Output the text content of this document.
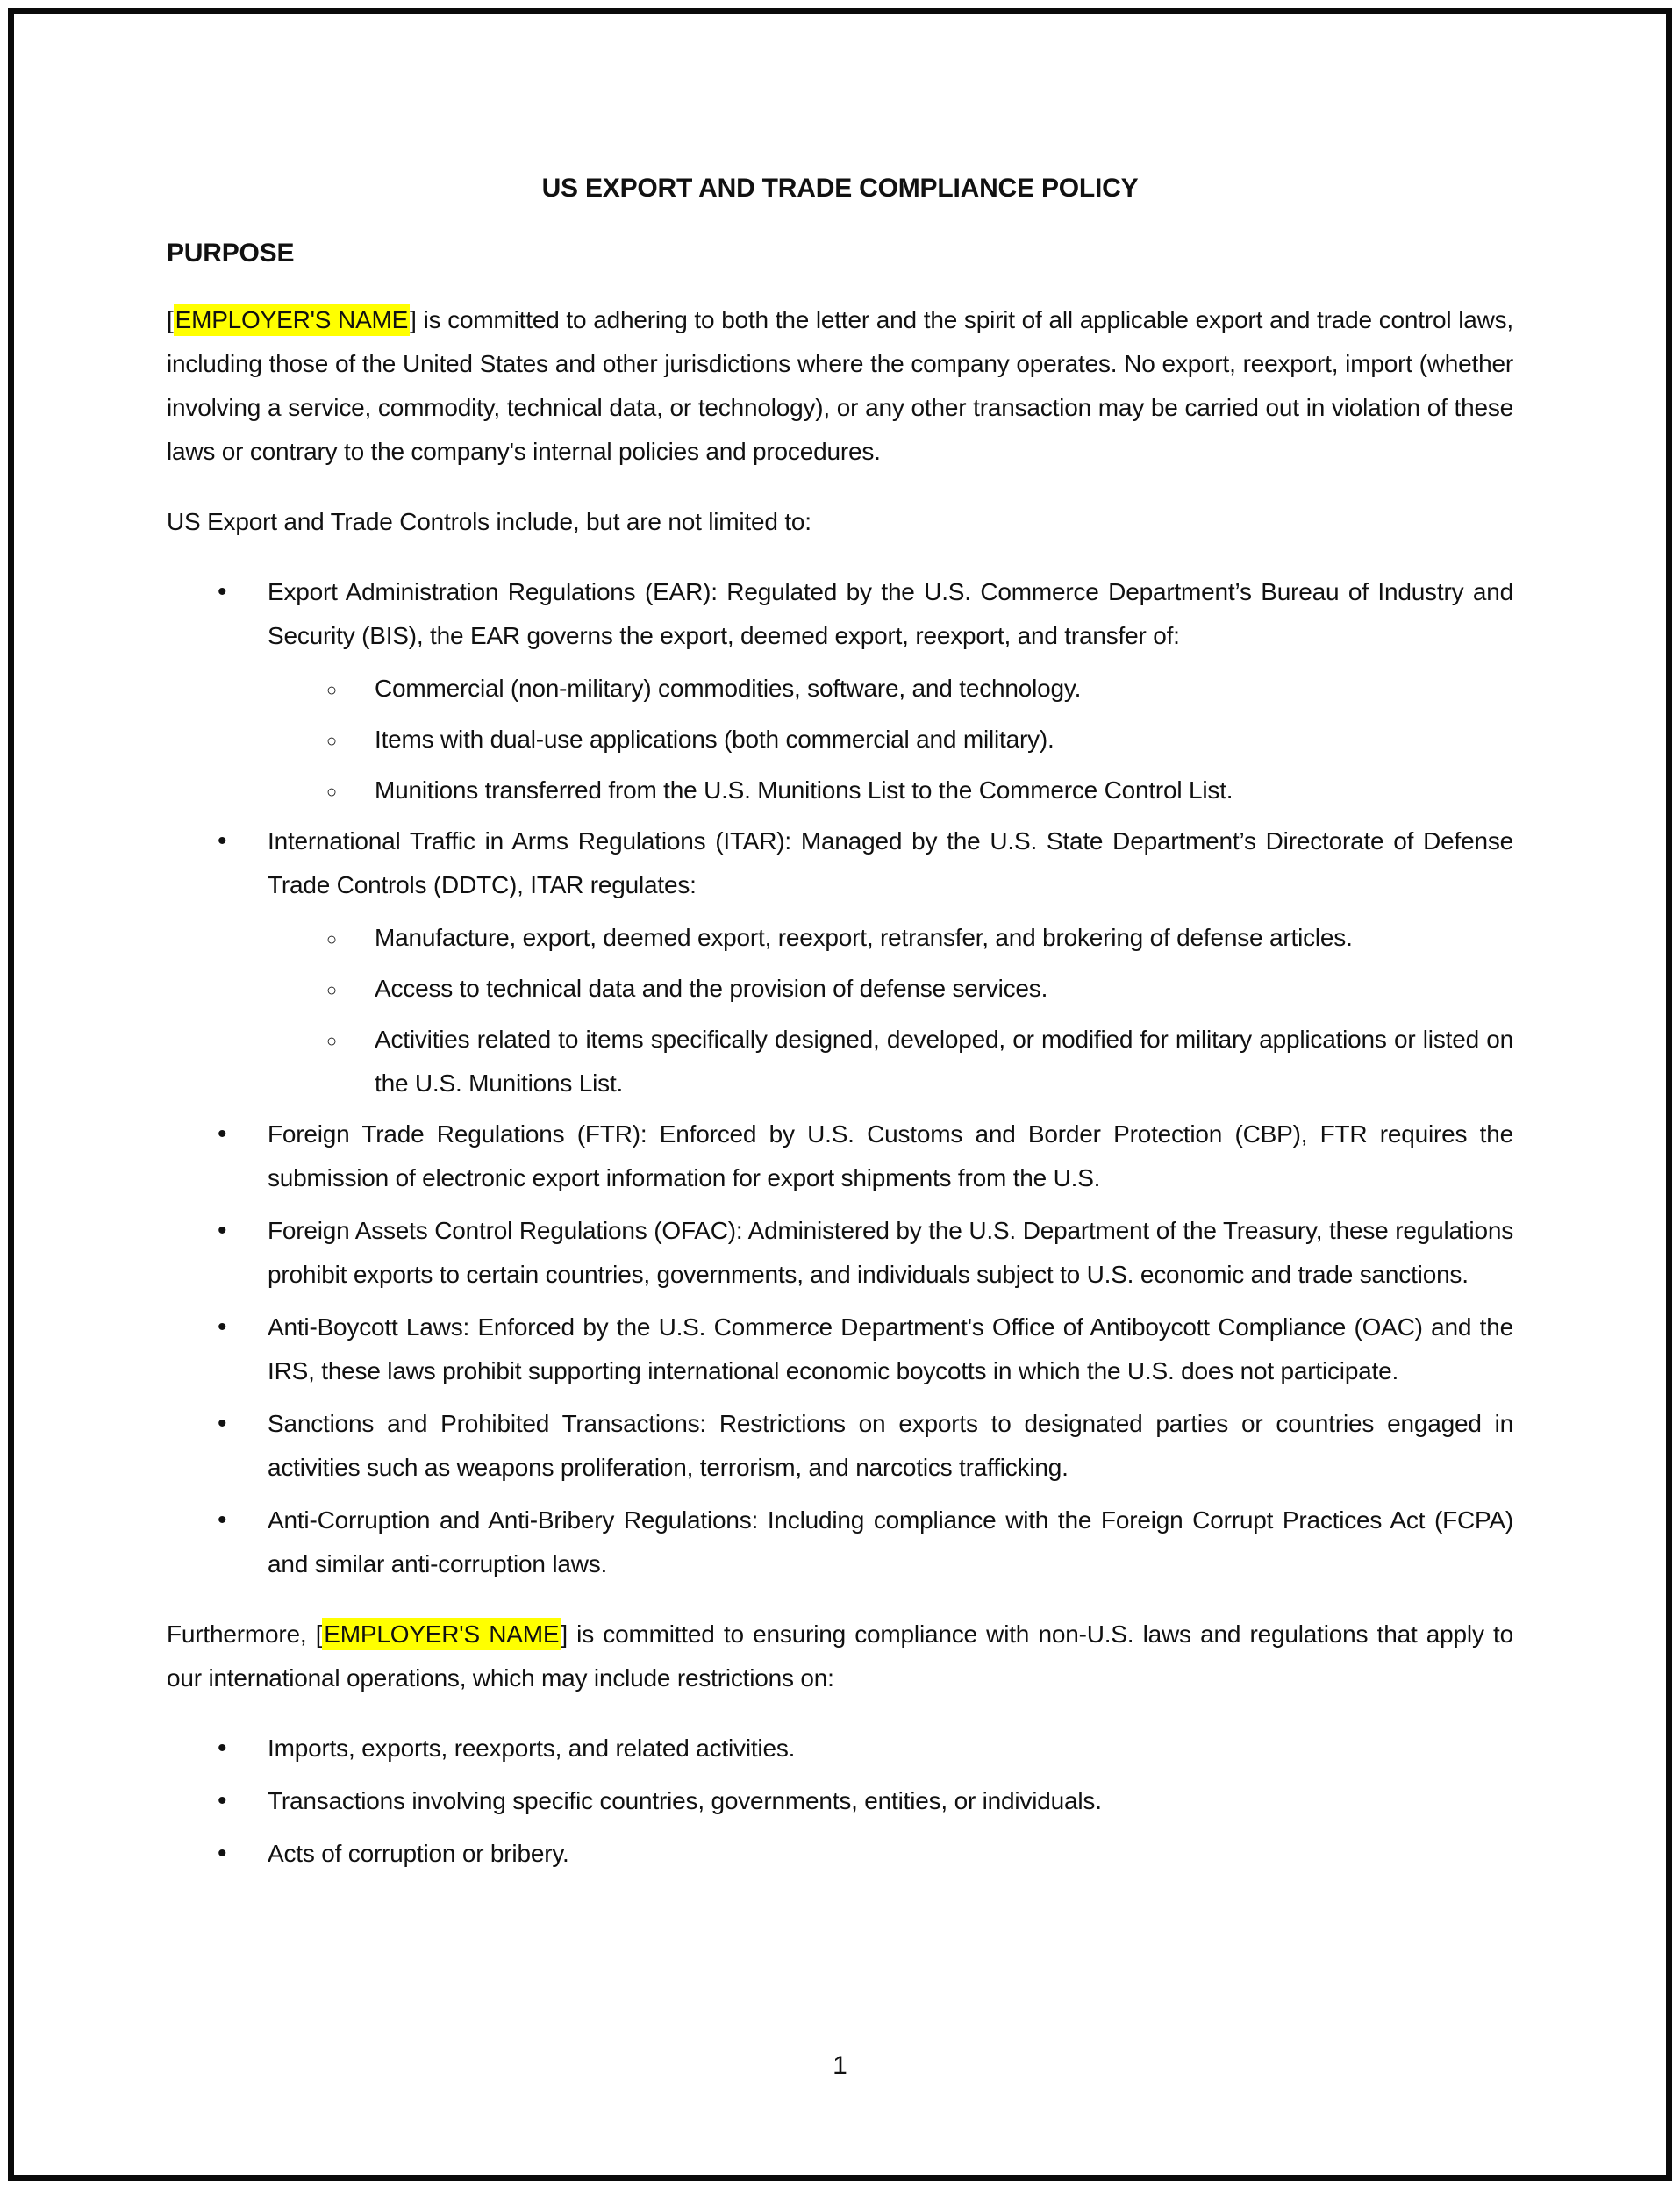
US EXPORT AND TRADE COMPLIANCE POLICY
PURPOSE

[EMPLOYER'S NAME] is committed to adhering to both the letter and the spirit of all applicable export and trade control laws, including those of the United States and other jurisdictions where the company operates. No export, reexport, import (whether involving a service, commodity, technical data, or technology), or any other transaction may be carried out in violation of these laws or contrary to the company's internal policies and procedures.

US Export and Trade Controls include, but are not limited to:

• Export Administration Regulations (EAR): Regulated by the U.S. Commerce Department’s Bureau of Industry and Security (BIS), the EAR governs the export, deemed export, reexport, and transfer of:
○ Commercial (non-military) commodities, software, and technology.
○ Items with dual-use applications (both commercial and military).
○ Munitions transferred from the U.S. Munitions List to the Commerce Control List.
• International Traffic in Arms Regulations (ITAR): Managed by the U.S. State Department’s Directorate of Defense Trade Controls (DDTC), ITAR regulates:
○ Manufacture, export, deemed export, reexport, retransfer, and brokering of defense articles.
○ Access to technical data and the provision of defense services.
○ Activities related to items specifically designed, developed, or modified for military applications or listed on the U.S. Munitions List.
• Foreign Trade Regulations (FTR): Enforced by U.S. Customs and Border Protection (CBP), FTR requires the submission of electronic export information for export shipments from the U.S.
• Foreign Assets Control Regulations (OFAC): Administered by the U.S. Department of the Treasury, these regulations prohibit exports to certain countries, governments, and individuals subject to U.S. economic and trade sanctions.
• Anti-Boycott Laws: Enforced by the U.S. Commerce Department's Office of Antiboycott Compliance (OAC) and the IRS, these laws prohibit supporting international economic boycotts in which the U.S. does not participate.
• Sanctions and Prohibited Transactions: Restrictions on exports to designated parties or countries engaged in activities such as weapons proliferation, terrorism, and narcotics trafficking.
• Anti-Corruption and Anti-Bribery Regulations: Including compliance with the Foreign Corrupt Practices Act (FCPA) and similar anti-corruption laws.

Furthermore, [EMPLOYER'S NAME] is committed to ensuring compliance with non-U.S. laws and regulations that apply to our international operations, which may include restrictions on:

• Imports, exports, reexports, and related activities.
• Transactions involving specific countries, governments, entities, or individuals.
• Acts of corruption or bribery.
1
